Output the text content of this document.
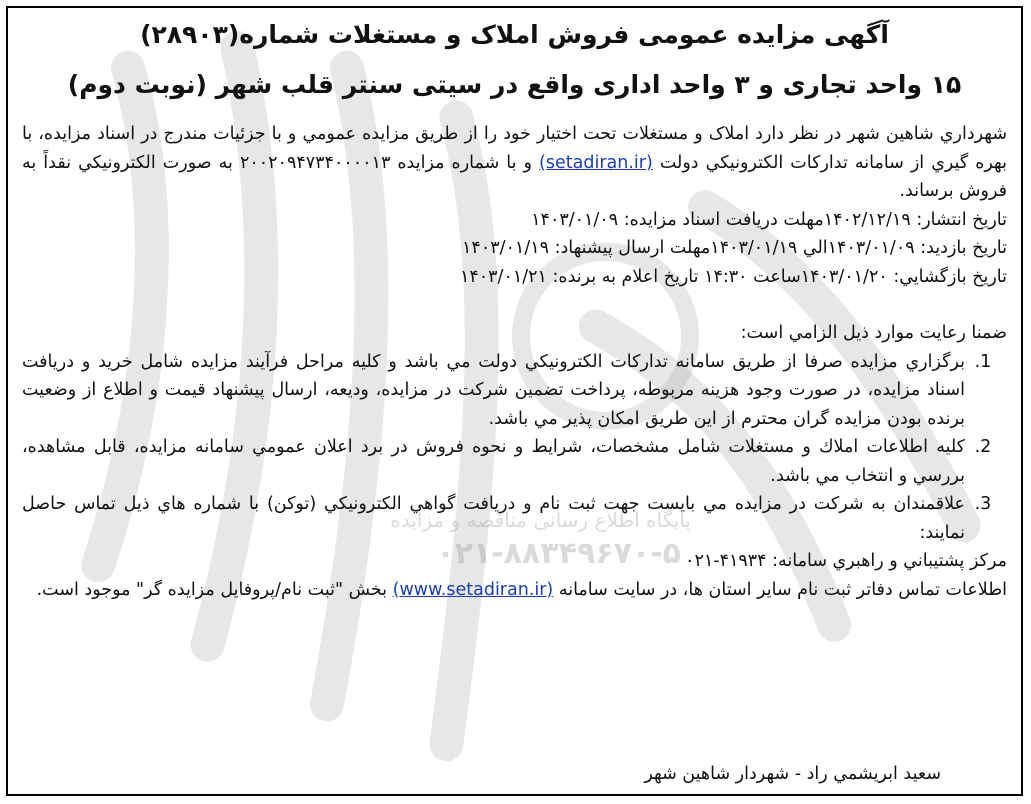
پایگاه اطلاع رسانی مناقصه و مزایده
۰۲۱-۸۸۳۴۹۶۷۰-۵
آگهی مزایده عمومی فروش املاک و مستغلات شماره(۲۸۹۰۳)
۱۵ واحد تجاری و ۳ واحد اداری واقع در سیتی سنتر قلب شهر (نوبت دوم)

شهرداري شاهين شهر در نظر دارد املاک و مستغلات تحت اختيار خود را از طريق مزايده عمومي و با جزئيات مندرج در اسناد مزايده، با بهره گيري از سامانه تداركات الكترونيكي دولت (setadiran.ir) و با شماره مزايده ۲۰۰۲۰۹۴۷۳۴۰۰۰۰۱۳ به صورت الکترونيکي نقداً به فروش برساند.

تاريخ انتشار: ۱۴۰۲/۱۲/۱۹مهلت دريافت اسناد مزايده: ۱۴۰۳/۰۱/۰۹

تاريخ بازديد: ۱۴۰۳/۰۱/۰۹الي ۱۴۰۳/۰۱/۱۹مهلت ارسال پيشنهاد: ۱۴۰۳/۰۱/۱۹

تاريخ بازگشايي: ۱۴۰۳/۰۱/۲۰ساعت ۱۴:۳۰ تاريخ اعلام به برنده: ۱۴۰۳/۰۱/۲۱

ضمنا رعايت موارد ذيل الزامي است:

1. برگزاري مزايده صرفا از طريق سامانه تداركات الكترونيكي دولت مي باشد و كليه مراحل فرآيند مزايده شامل خريد و دريافت اسناد مزايده، در صورت وجود هزينه مربوطه، پرداخت تضمين شركت در مزايده، وديعه، ارسال پيشنهاد قيمت و اطلاع از وضعيت برنده بودن مزايده گران محترم از اين طريق امكان پذير مي باشد.
2. كليه اطلاعات املاك و مستغلات شامل مشخصات، شرايط و نحوه فروش در برد اعلان عمومي سامانه مزايده، قابل مشاهده، بررسي و انتخاب مي باشد.
3. علاقمندان به شركت در مزايده مي بايست جهت ثبت نام و دريافت گواهي الكترونيكي (توكن) با شماره هاي ذيل تماس حاصل نمايند:

مركز پشتيباني و راهبري سامانه: ۴۱۹۳۴-۰۲۱

اطلاعات تماس دفاتر ثبت نام ساير استان ها، در سايت سامانه (www.setadiran.ir) بخش "ثبت نام/پروفايل مزايده گر" موجود است.

سعيد ابريشمي راد - شهردار شاهين شهر
